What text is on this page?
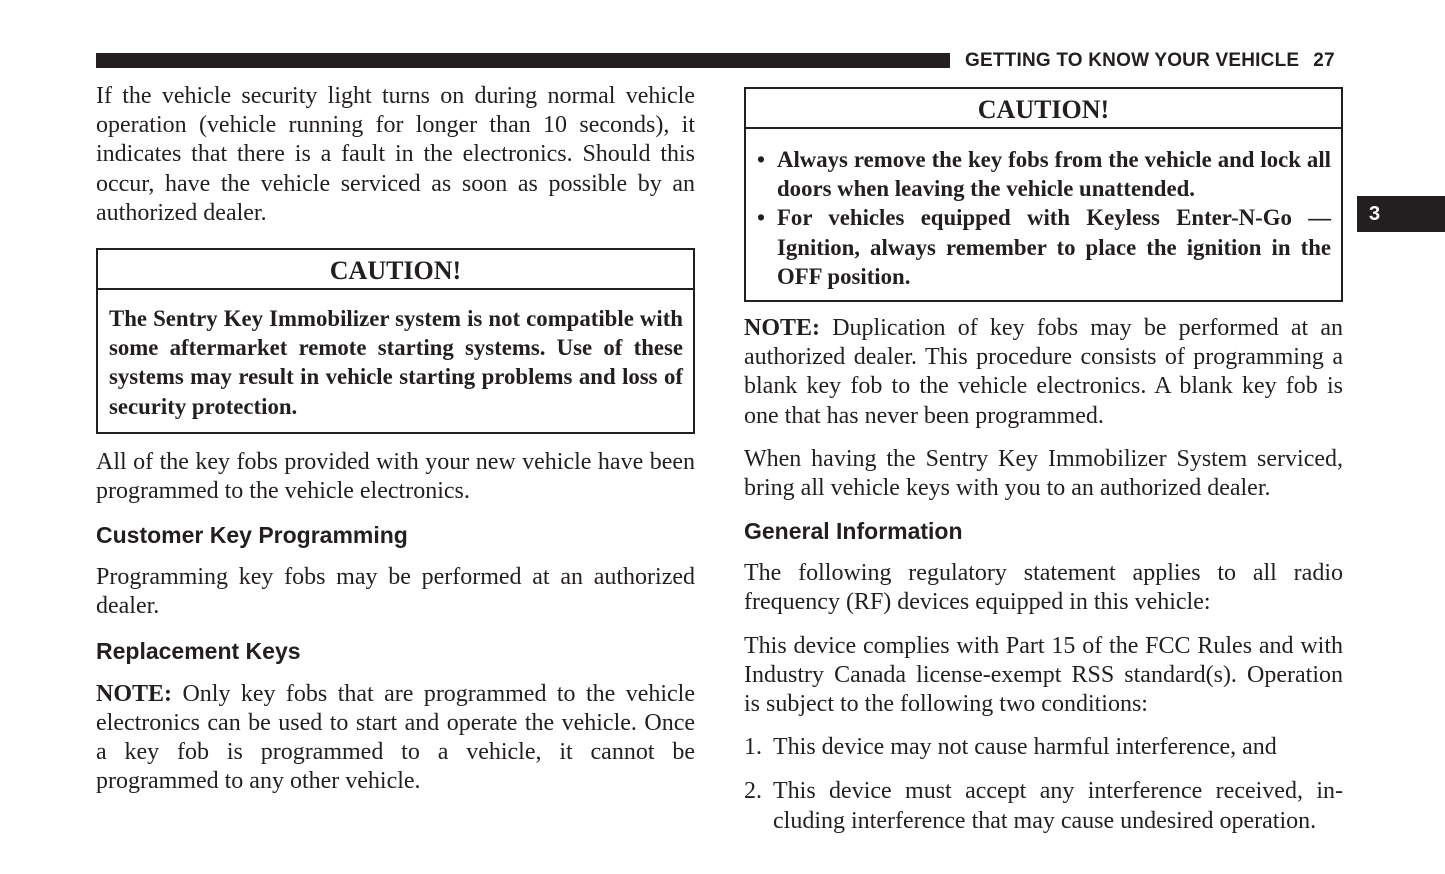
GETTING TO KNOW YOUR VEHICLE 27
3

If the vehicle security light turns on during normal vehicle operation (vehicle running for longer than 10 seconds), it indicates that there is a fault in the electronics. Should this occur, have the vehicle serviced as soon as possible by an authorized dealer.

CAUTION!
The Sentry Key Immobilizer system is not compatible with some aftermarket remote starting systems. Use of these systems may result in vehicle starting problems and loss of security protection.

All of the key fobs provided with your new vehicle have been programmed to the vehicle electronics.

Customer Key Programming

Programming key fobs may be performed at an authorized dealer.

Replacement Keys

NOTE: Only key fobs that are programmed to the vehicle electronics can be used to start and operate the vehicle. Once a key fob is programmed to a vehicle, it cannot be programmed to any other vehicle.

CAUTION!
• Always remove the key fobs from the vehicle and lock all doors when leaving the vehicle unattended.
• For vehicles equipped with Keyless Enter-N-Go — Ignition, always remember to place the ignition in the OFF position.

NOTE: Duplication of key fobs may be performed at an authorized dealer. This procedure consists of programming a blank key fob to the vehicle electronics. A blank key fob is one that has never been programmed.

When having the Sentry Key Immobilizer System serviced, bring all vehicle keys with you to an authorized dealer.

General Information

The following regulatory statement applies to all radio frequency (RF) devices equipped in this vehicle:

This device complies with Part 15 of the FCC Rules and with Industry Canada license-exempt RSS standard(s). Operation is subject to the following two conditions:

1. This device may not cause harmful interference, and
2. This device must accept any interference received, including interference that may cause undesired operation.
